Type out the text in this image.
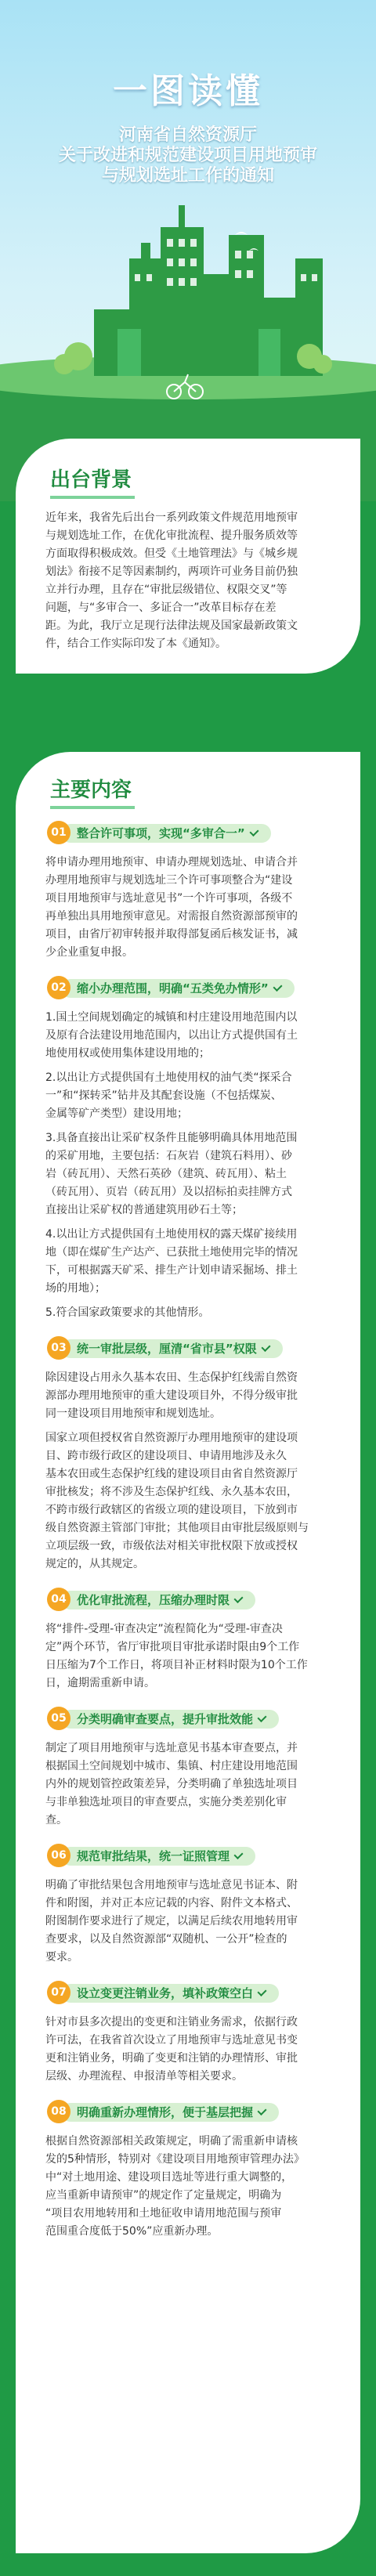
一图读懂
河南省自然资源厅
关于改进和规范建设项目用地预审
与规划选址工作的通知
出台背景
近年来，我省先后出台一系列政策文件规范用地预审
与规划选址工作，在优化审批流程、提升服务质效等
方面取得积极成效。但受《土地管理法》与《城乡规
划法》衔接不足等因素制约，两项许可业务目前仍独
立并行办理，且存在“审批层级错位、权限交叉”等
问题，与“多审合一、多证合一”改革目标存在差
距。为此，我厅立足现行法律法规及国家最新政策文
件，结合工作实际印发了本《通知》。
主要内容
整合许可事项，实现“多审合一”
01
将申请办理用地预审、申请办理规划选址、申请合并
办理用地预审与规划选址三个许可事项整合为“建设
项目用地预审与选址意见书”一个许可事项，各级不
再单独出具用地预审意见。对需报自然资源部预审的
项目，由省厅初审转报并取得部复函后核发证书，减
少企业重复申报。
缩小办理范围，明确“五类免办情形”
02
1.国土空间规划确定的城镇和村庄建设用地范围内以
及原有合法建设用地范围内，以出让方式提供国有土
地使用权或使用集体建设用地的；
2.以出让方式提供国有土地使用权的油气类“探采合
一”和“探转采”钻井及其配套设施（不包括煤炭、
金属等矿产类型）建设用地；
3.具备直接出让采矿权条件且能够明确具体用地范围
的采矿用地，主要包括：石灰岩（建筑石料用）、砂
岩（砖瓦用）、天然石英砂（建筑、砖瓦用）、粘土
（砖瓦用）、页岩（砖瓦用）及以招标拍卖挂牌方式
直接出让采矿权的普通建筑用砂石土等；
4.以出让方式提供国有土地使用权的露天煤矿接续用
地（即在煤矿生产达产、已获批土地使用完毕的情况
下，可根据露天矿采、排生产计划申请采掘场、排土
场的用地）；
5.符合国家政策要求的其他情形。
统一审批层级，厘清“省市县”权限
03
除因建设占用永久基本农田、生态保护红线需自然资
源部办理用地预审的重大建设项目外，不得分级审批
同一建设项目用地预审和规划选址。
国家立项但授权省自然资源厅办理用地预审的建设项
目、跨市级行政区的建设项目、申请用地涉及永久
基本农田或生态保护红线的建设项目由省自然资源厅
审批核发；将不涉及生态保护红线、永久基本农田，
不跨市级行政辖区的省级立项的建设项目，下放到市
级自然资源主管部门审批；其他项目由审批层级原则与
立项层级一致，市级依法对相关审批权限下放或授权
规定的，从其规定。
优化审批流程，压缩办理时限
04
将“排件-受理-审查决定”流程简化为“受理-审查决
定”两个环节，省厅审批项目审批承诺时限由9个工作
日压缩为7个工作日，将项目补正材料时限为10个工作
日，逾期需重新申请。
分类明确审查要点，提升审批效能
05
制定了项目用地预审与选址意见书基本审查要点，并
根据国土空间规划中城市、集镇、村庄建设用地范围
内外的规划管控政策差异，分类明确了单独选址项目
与非单独选址项目的审查要点，实施分类差别化审
查。
规范审批结果，统一证照管理
06
明确了审批结果包含用地预审与选址意见书证本、附
件和附图，并对正本应记载的内容、附件文本格式、
附图制作要求进行了规定，以满足后续农用地转用审
查要求，以及自然资源部“双随机、一公开”检查的
要求。
设立变更注销业务，填补政策空白
07
针对市县多次提出的变更和注销业务需求，依据行政
许可法，在我省首次设立了用地预审与选址意见书变
更和注销业务，明确了变更和注销的办理情形、审批
层级、办理流程、申报清单等相关要求。
明确重新办理情形，便于基层把握
08
根据自然资源部相关政策规定，明确了需重新申请核
发的5种情形，特别对《建设项目用地预审管理办法》
中“对土地用途、建设项目选址等进行重大调整的，
应当重新申请预审”的规定作了定量规定，明确为
“项目农用地转用和土地征收申请用地范围与预审
范围重合度低于50%”应重新办理。
